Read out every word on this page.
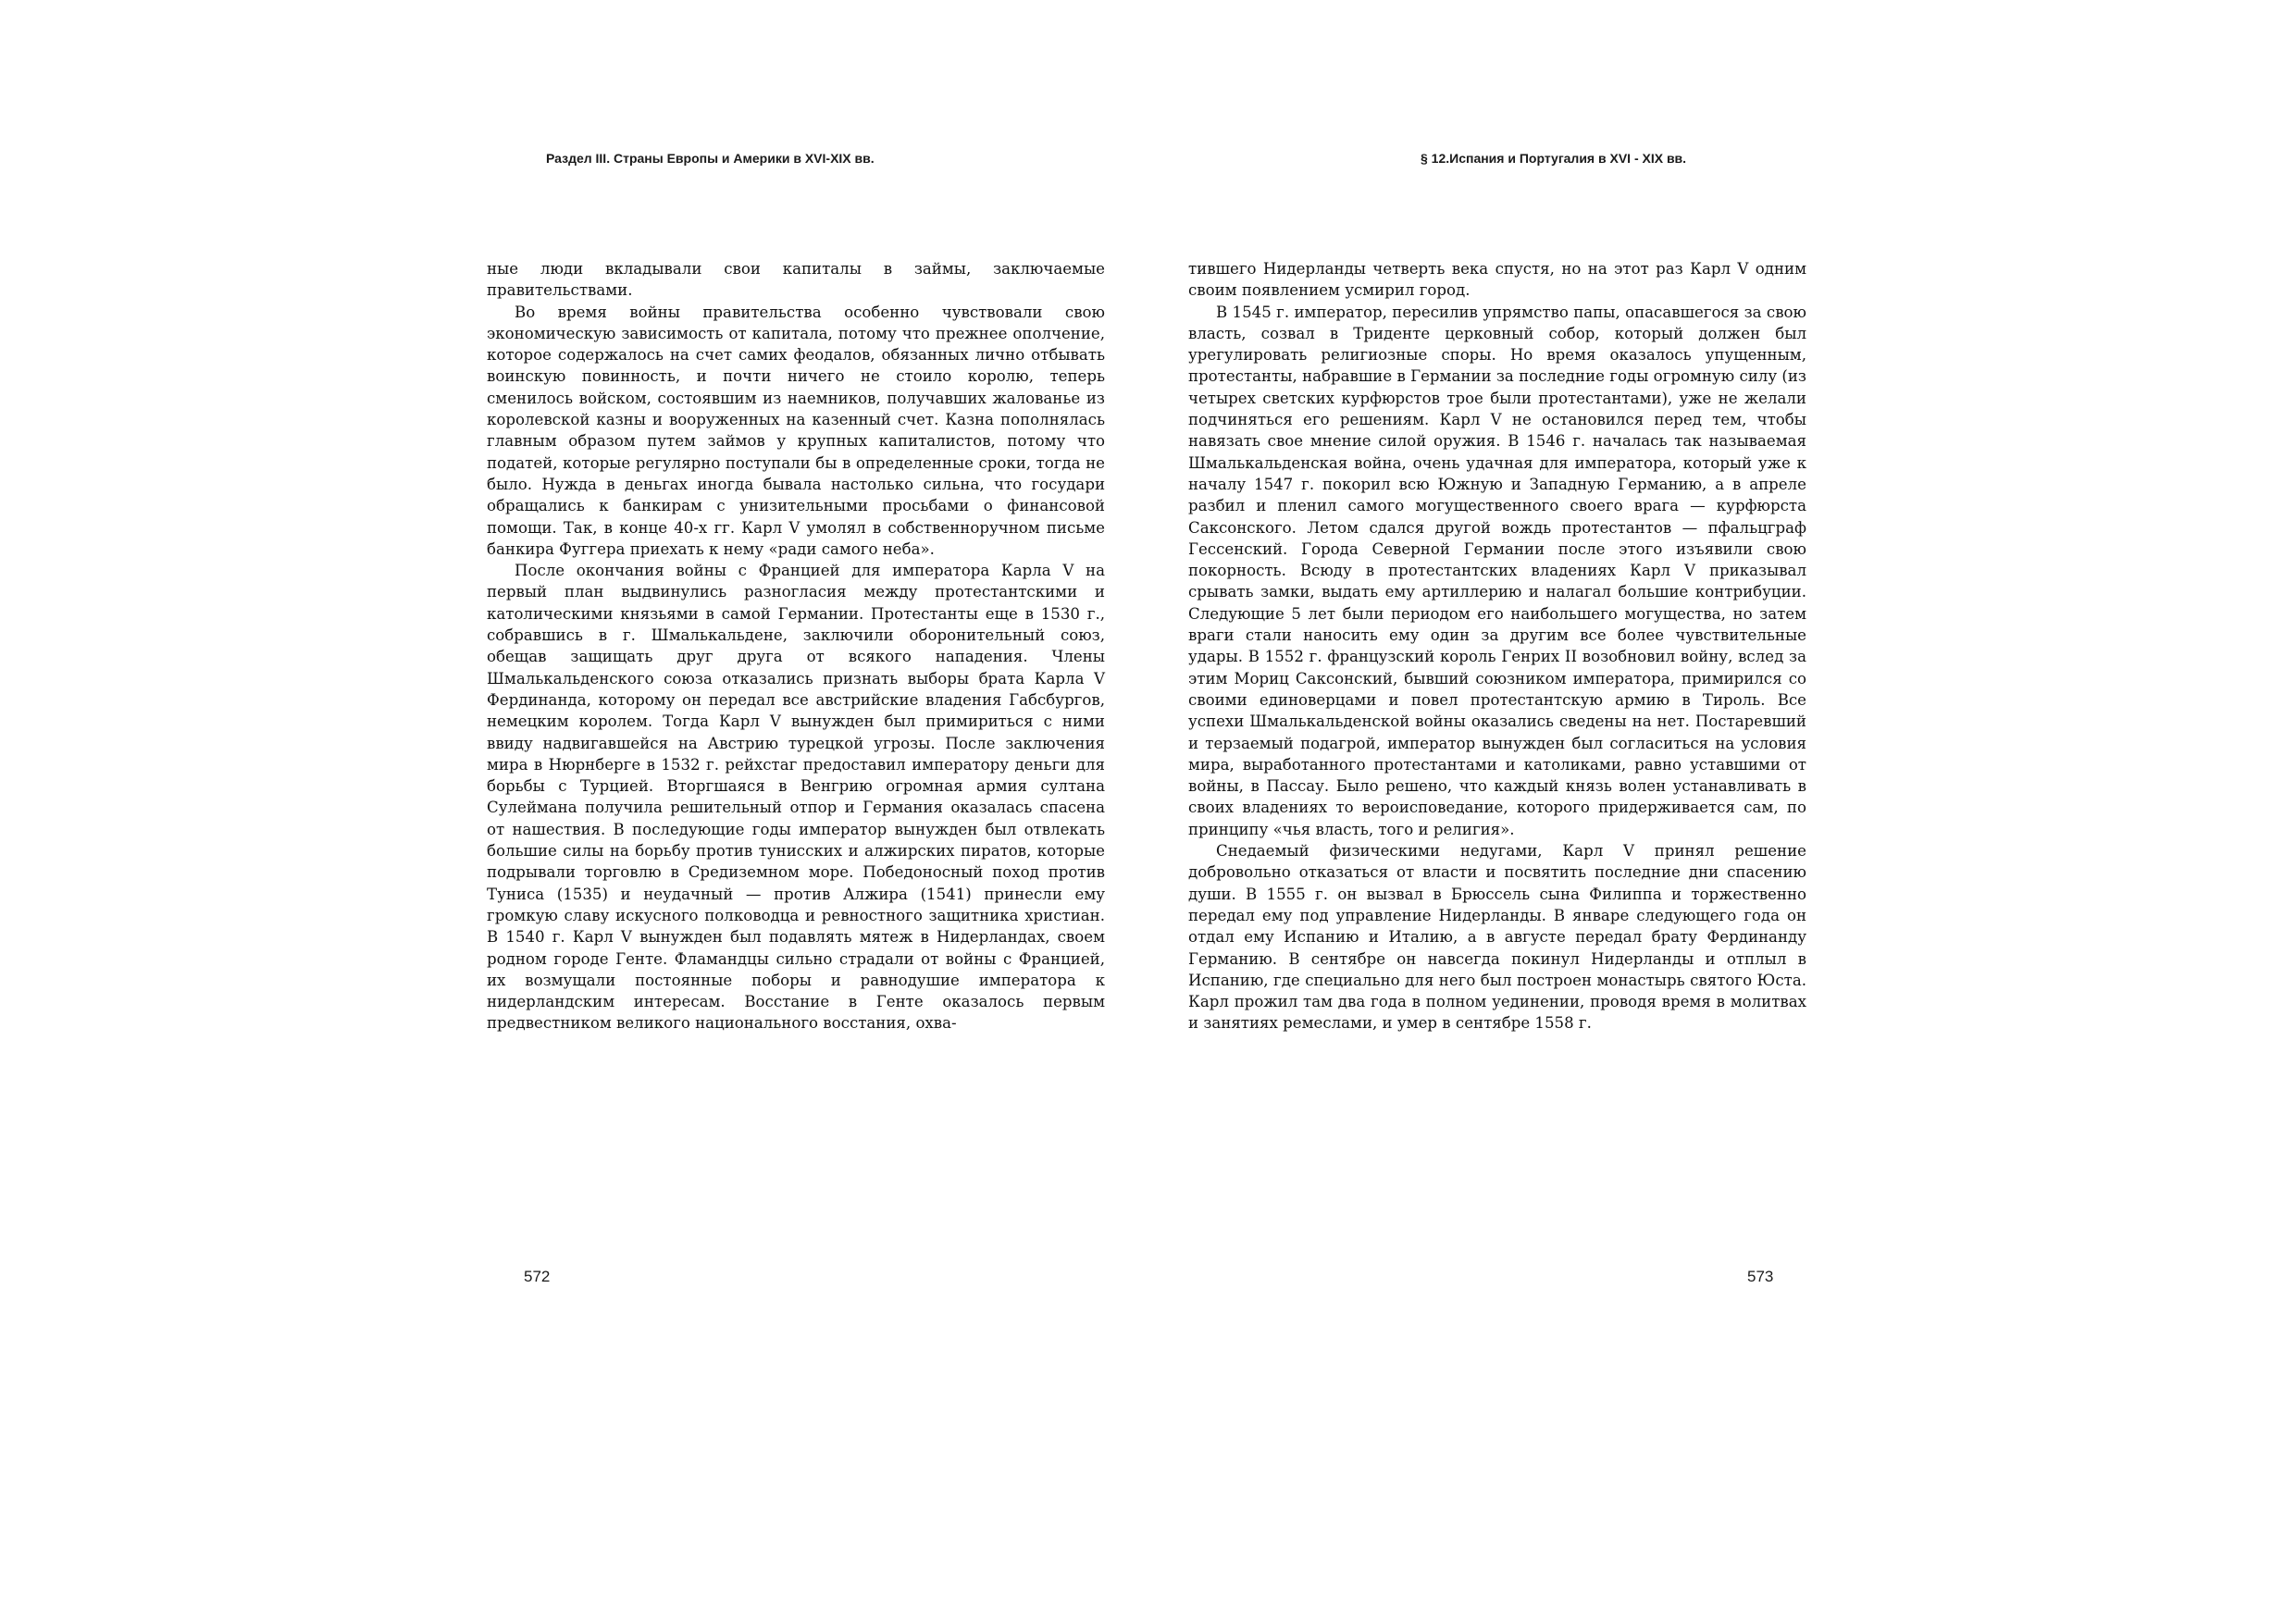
Раздел III. Страны Европы и Америки в XVI-XIX вв.	§ 12.Испания и Португалия в XVI - XIX вв.

ные люди вкладывали свои капиталы в займы, заключаемые правительствами.

Во время войны правительства особенно чувствовали свою экономическую зависимость от капитала, потому что прежнее ополчение, которое содержалось на счет самих феодалов, обязанных лично отбывать воинскую повинность, и почти ничего не стоило королю, теперь сменилось войском, состоявшим из наемников, получавших жалованье из королевской казны и вооруженных на казенный счет. Казна пополнялась главным образом путем займов у крупных капиталистов, потому что податей, которые регулярно поступали бы в определенные сроки, тогда не было. Нужда в деньгах иногда бывала настолько сильна, что государи обращались к банкирам с унизительными просьбами о финансовой помощи. Так, в конце 40-х гг. Карл V умолял в собственноручном письме банкира Фуггера приехать к нему «ради самого неба».

После окончания войны с Францией для императора Карла V на первый план выдвинулись разногласия между протестантскими и католическими князьями в самой Германии. Протестанты еще в 1530 г., собравшись в г. Шмалькальдене, заключили оборонительный союз, обещав защищать друг друга от всякого нападения. Члены Шмалькальденского союза отказались признать выборы брата Карла V Фердинанда, которому он передал все австрийские владения Габсбургов, немецким королем. Тогда Карл V вынужден был примириться с ними ввиду надвигавшейся на Австрию турецкой угрозы. После заключения мира в Нюрнберге в 1532 г. рейхстаг предоставил императору деньги для борьбы с Турцией. Вторгшаяся в Венгрию огромная армия султана Сулеймана получила решительный отпор и Германия оказалась спасена от нашествия. В последующие годы император вынужден был отвлекать большие силы на борьбу против тунисских и алжирских пиратов, которые подрывали торговлю в Средиземном море. Победоносный поход против Туниса (1535) и неудачный — против Алжира (1541) принесли ему громкую славу искусного полководца и ревностного защитника христиан. В 1540 г. Карл V вынужден был подавлять мятеж в Нидерландах, своем родном городе Генте. Фламандцы сильно страдали от войны с Францией, их возмущали постоянные поборы и равнодушие императора к нидерландским интересам. Восстание в Генте оказалось первым предвестником великого национального восстания, охва-

тившего Нидерланды четверть века спустя, но на этот раз Карл V одним своим появлением усмирил город.

В 1545 г. император, пересилив упрямство папы, опасавшегося за свою власть, созвал в Триденте церковный собор, который должен был урегулировать религиозные споры. Но время оказалось упущенным, протестанты, набравшие в Германии за последние годы огромную силу (из четырех светских курфюрстов трое были протестантами), уже не желали подчиняться его решениям. Карл V не остановился перед тем, чтобы навязать свое мнение силой оружия. В 1546 г. началась так называемая Шмалькальденская война, очень удачная для императора, который уже к началу 1547 г. покорил всю Южную и Западную Германию, а в апреле разбил и пленил самого могущественного своего врага — курфюрста Саксонского. Летом сдался другой вождь протестантов — пфальцграф Гессенский. Города Северной Германии после этого изъявили свою покорность. Всюду в протестантских владениях Карл V приказывал срывать замки, выдать ему артиллерию и налагал большие контрибуции. Следующие 5 лет были периодом его наибольшего могущества, но затем враги стали наносить ему один за другим все более чувствительные удары. В 1552 г. французский король Генрих II возобновил войну, вслед за этим Мориц Саксонский, бывший союзником императора, примирился со своими единоверцами и повел протестантскую армию в Тироль. Все успехи Шмалькальденской войны оказались сведены на нет. Постаревший и терзаемый подагрой, император вынужден был согласиться на условия мира, выработанного протестантами и католиками, равно уставшими от войны, в Пассау. Было решено, что каждый князь волен устанавливать в своих владениях то вероисповедание, которого придерживается сам, по принципу «чья власть, того и религия».

Снедаемый физическими недугами, Карл V принял решение добровольно отказаться от власти и посвятить последние дни спасению души. В 1555 г. он вызвал в Брюссель сына Филиппа и торжественно передал ему под управление Нидерланды. В январе следующего года он отдал ему Испанию и Италию, а в августе передал брату Фердинанду Германию. В сентябре он навсегда покинул Нидерланды и отплыл в Испанию, где специально для него был построен монастырь святого Юста. Карл прожил там два года в полном уединении, проводя время в молитвах и занятиях ремеслами, и умер в сентябре 1558 г.

572	573
